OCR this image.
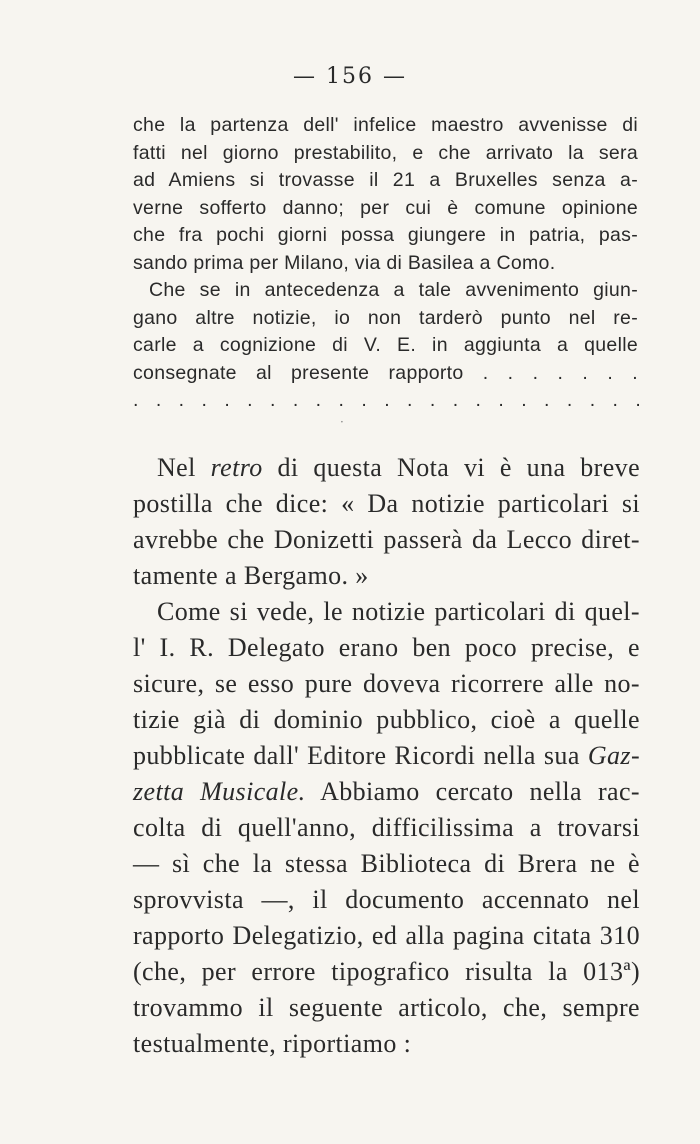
— 156 —
che la partenza dell' infelice maestro avvenisse di
fatti nel giorno prestabilito, e che arrivato la sera
ad Amiens si trovasse il 21 a Bruxelles senza a-
verne sofferto danno; per cui è comune opinione
che fra pochi giorni possa giungere in patria, pas-
sando prima per Milano, via di Basilea a Como.
Che se in antecedenza a tale avvenimento giun-
gano altre notizie, io non tarderò punto nel re-
carle a cognizione di V. E. in aggiunta a quelle
consegnate al presente rapporto . . . . . . .
. . . . . . . . . . . . . . . . . . . . . . .
·
Nel retro di questa Nota vi è una breve
postilla che dice: « Da notizie particolari si
avrebbe che Donizetti passerà da Lecco diret-
tamente a Bergamo. »
Come si vede, le notizie particolari di quel-
l' I. R. Delegato erano ben poco precise, e
sicure, se esso pure doveva ricorrere alle no-
tizie già di dominio pubblico, cioè a quelle
pubblicate dall' Editore Ricordi nella sua Gaz-
zetta Musicale. Abbiamo cercato nella rac-
colta di quell'anno, difficilissima a trovarsi
— sì che la stessa Biblioteca di Brera ne è
sprovvista —, il documento accennato nel
rapporto Delegatizio, ed alla pagina citata 310
(che, per errore tipografico risulta la 013ª)
trovammo il seguente articolo, che, sempre
testualmente, riportiamo :
